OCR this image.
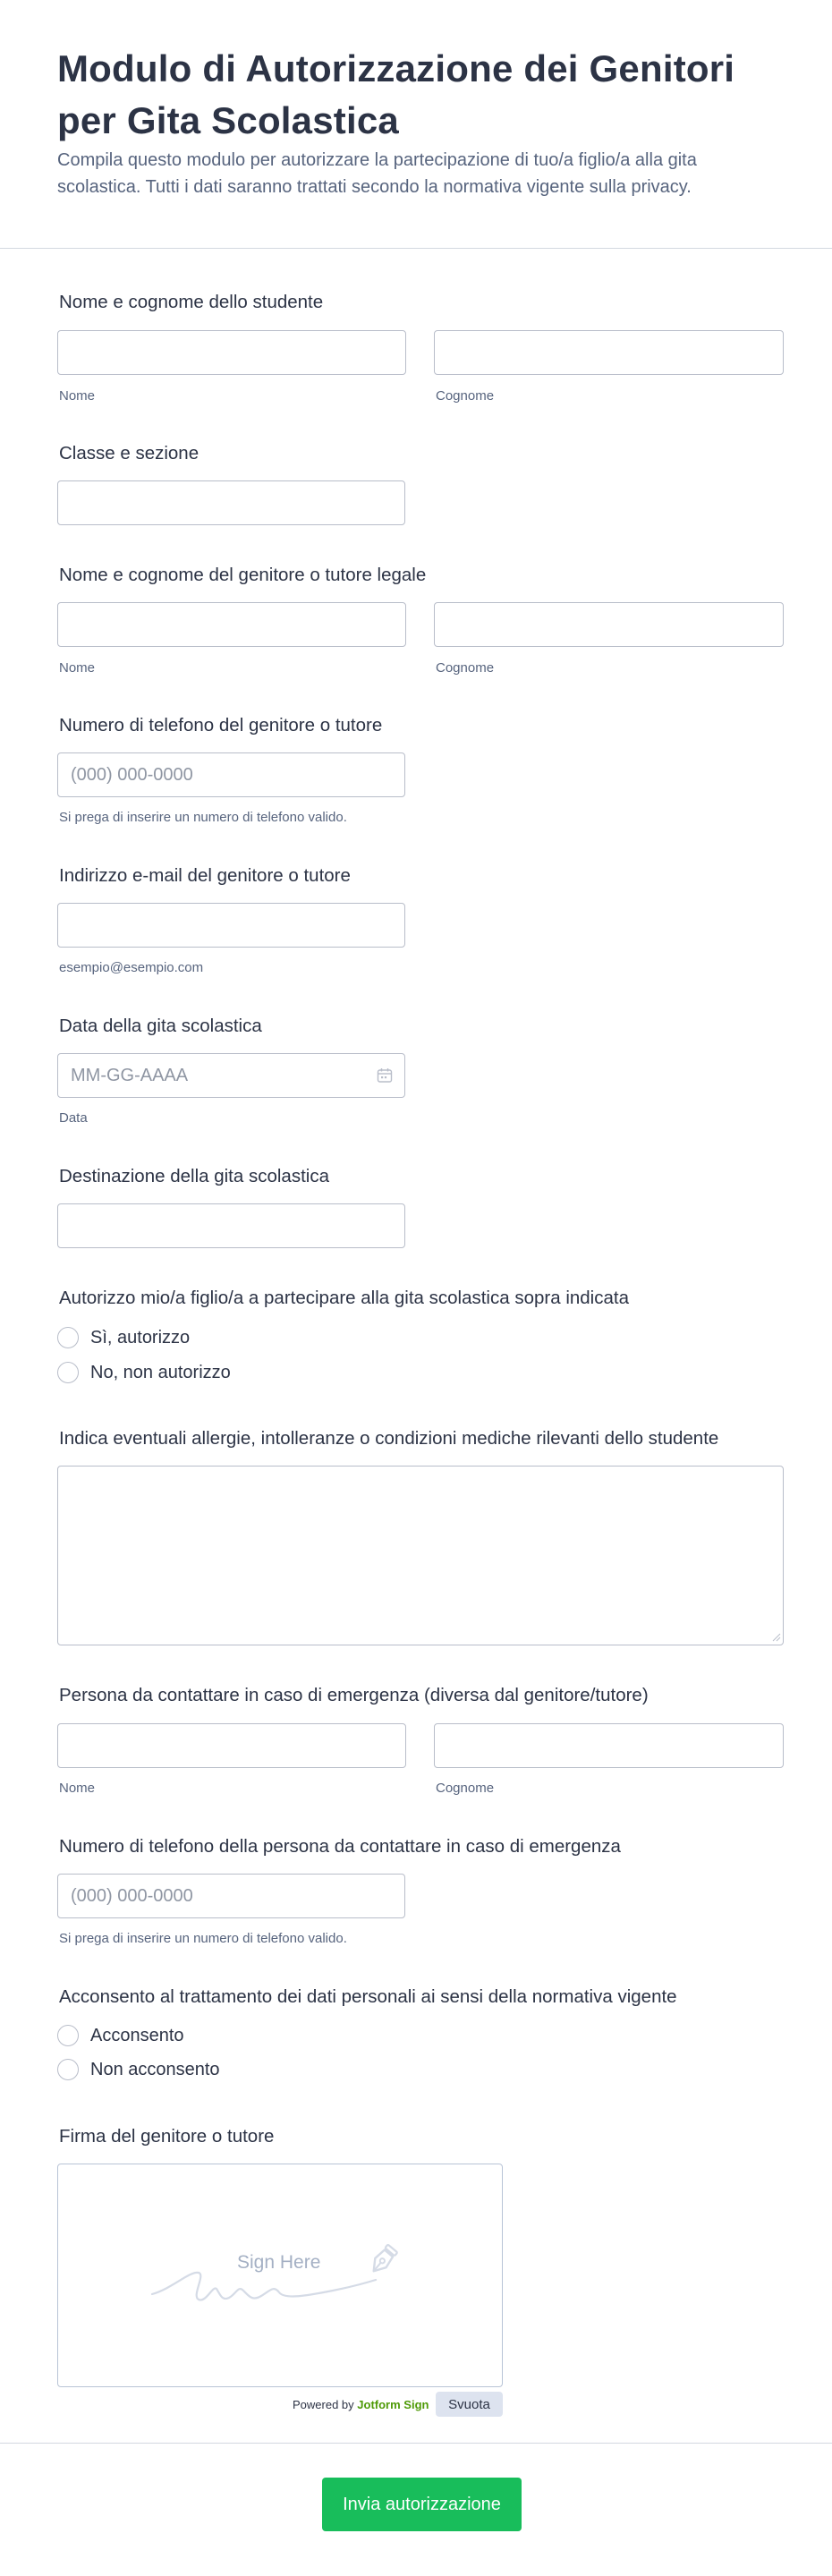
Modulo di Autorizzazione dei Genitori per Gita Scolastica

Compila questo modulo per autorizzare la partecipazione di tuo/a figlio/a alla gita scolastica. Tutti i dati saranno trattati secondo la normativa vigente sulla privacy.

Nome e cognome dello studente
Nome	Cognome
Classe e sezione
Nome e cognome del genitore o tutore legale
Nome	Cognome
Numero di telefono del genitore o tutore
(000) 000-0000
Si prega di inserire un numero di telefono valido.
Indirizzo e-mail del genitore o tutore
esempio@esempio.com
Data della gita scolastica
MM-GG-AAAA
Data
Destinazione della gita scolastica
Autorizzo mio/a figlio/a a partecipare alla gita scolastica sopra indicata
Sì, autorizzo
No, non autorizzo
Indica eventuali allergie, intolleranze o condizioni mediche rilevanti dello studente
Persona da contattare in caso di emergenza (diversa dal genitore/tutore)
Nome	Cognome
Numero di telefono della persona da contattare in caso di emergenza
(000) 000-0000
Si prega di inserire un numero di telefono valido.
Acconsento al trattamento dei dati personali ai sensi della normativa vigente
Acconsento
Non acconsento
Firma del genitore o tutore
Sign Here
Powered by Jotform Sign	Svuota
Invia autorizzazione
